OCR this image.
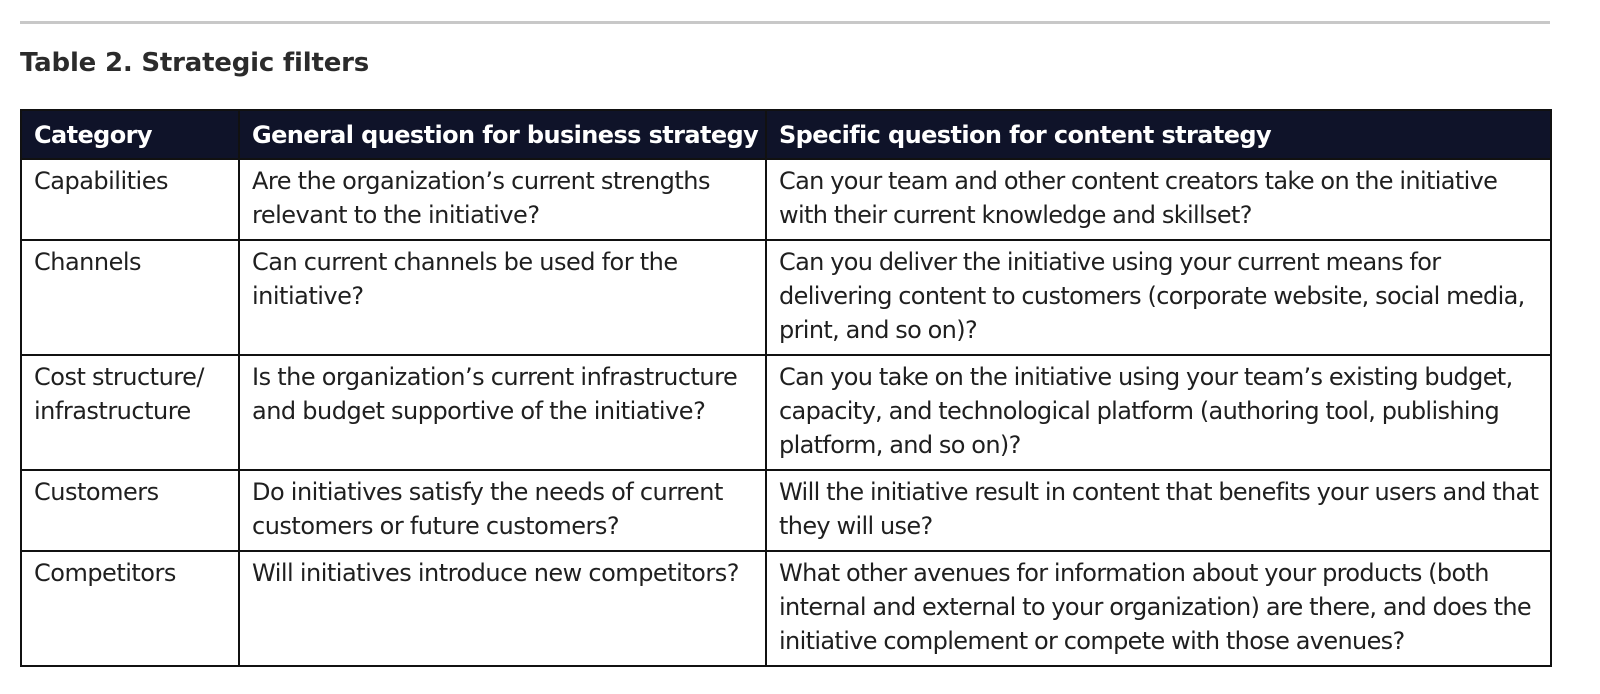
Table 2. Strategic filters
Category	General question for business strategy	Specific question for content strategy
Capabilities	Are the organization’s current strengths relevant to the initiative?	Can your team and other content creators take on the initiative with their current knowledge and skillset?
Channels	Can current channels be used for the initiative?	Can you deliver the initiative using your current means for delivering content to customers (corporate website, social media, print, and so on)?
Cost structure/ infrastructure	Is the organization’s current infrastructure and budget supportive of the initiative?	Can you take on the initiative using your team’s existing budget, capacity, and technological platform (authoring tool, publishing platform, and so on)?
Customers	Do initiatives satisfy the needs of current customers or future customers?	Will the initiative result in content that benefits your users and that they will use?
Competitors	Will initiatives introduce new competitors?	What other avenues for information about your products (both internal and external to your organization) are there, and does the initiative complement or compete with those avenues?
